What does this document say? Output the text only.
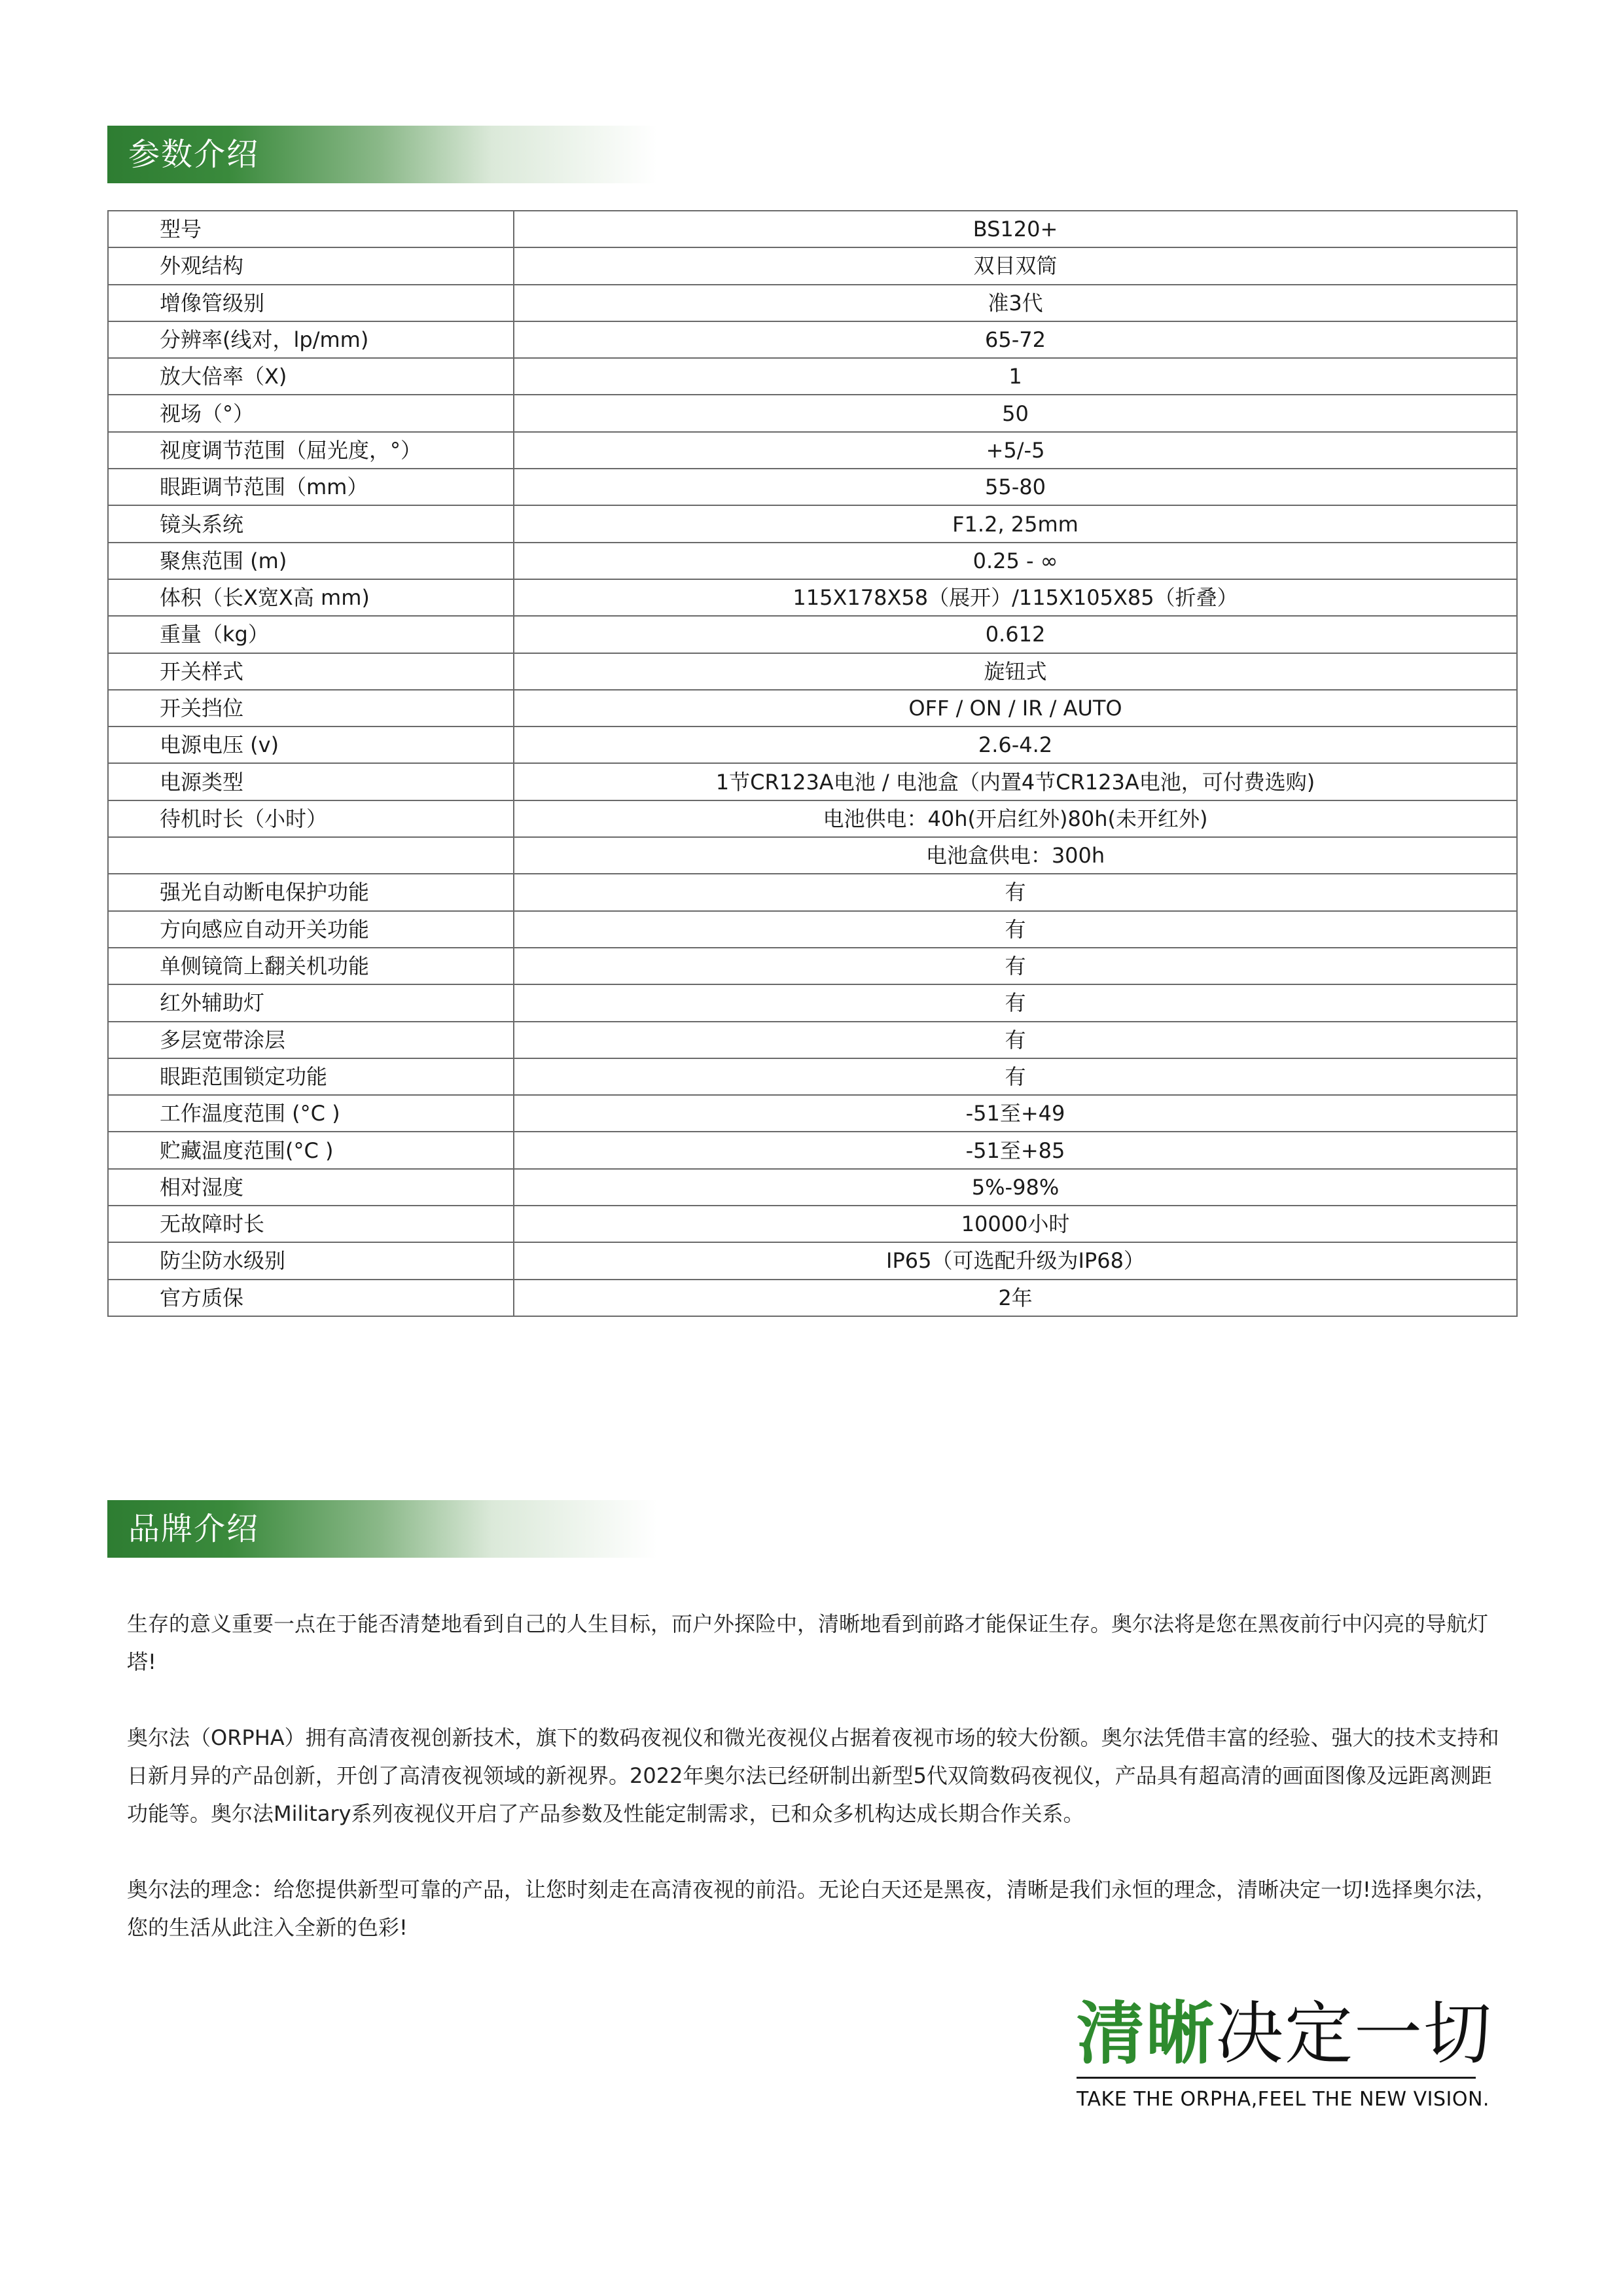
参数介绍
型号	BS120+
外观结构	双目双筒
增像管级别	准3代
分辨率(线对，lp/mm)	65-72
放大倍率（X)	1
视场（°）	50
视度调节范围（屈光度，°）	+5/-5
眼距调节范围（mm）	55-80
镜头系统	F1.2, 25mm
聚焦范围 (m)	0.25 - ∞
体积（长X宽X高 mm)	115X178X58（展开）/115X105X85（折叠）
重量（kg）	0.612
开关样式	旋钮式
开关挡位	OFF / ON / IR / AUTO
电源电压 (v)	2.6-4.2
电源类型	1节CR123A电池 / 电池盒（内置4节CR123A电池，可付费选购)
待机时长（小时）	电池供电：40h(开启红外)80h(未开红外)
	电池盒供电：300h
强光自动断电保护功能	有
方向感应自动开关功能	有
单侧镜筒上翻关机功能	有
红外辅助灯	有
多层宽带涂层	有
眼距范围锁定功能	有
工作温度范围 (°C )	-51至+49
贮藏温度范围(°C )	-51至+85
相对湿度	5%-98%
无故障时长	10000小时
防尘防水级别	IP65（可选配升级为IP68）
官方质保	2年
品牌介绍

生存的意义重要一点在于能否清楚地看到自己的人生目标，而户外探险中，清晰地看到前路才能保证生存。奥尔法将是您在黑夜前行中闪亮的导航灯塔!

奥尔法（ORPHA）拥有高清夜视创新技术，旗下的数码夜视仪和微光夜视仪占据着夜视市场的较大份额。奥尔法凭借丰富的经验、强大的技术支持和日新月异的产品创新，开创了高清夜视领域的新视界。2022年奥尔法已经研制出新型5代双筒数码夜视仪，产品具有超高清的画面图像及远距离测距功能等。奥尔法Military系列夜视仪开启了产品参数及性能定制需求，已和众多机构达成长期合作关系。

奥尔法的理念：给您提供新型可靠的产品，让您时刻走在高清夜视的前沿。无论白天还是黑夜，清晰是我们永恒的理念，清晰决定一切!选择奥尔法，您的生活从此注入全新的色彩!

清晰决定一切
TAKE THE ORPHA,FEEL THE NEW VISION.
